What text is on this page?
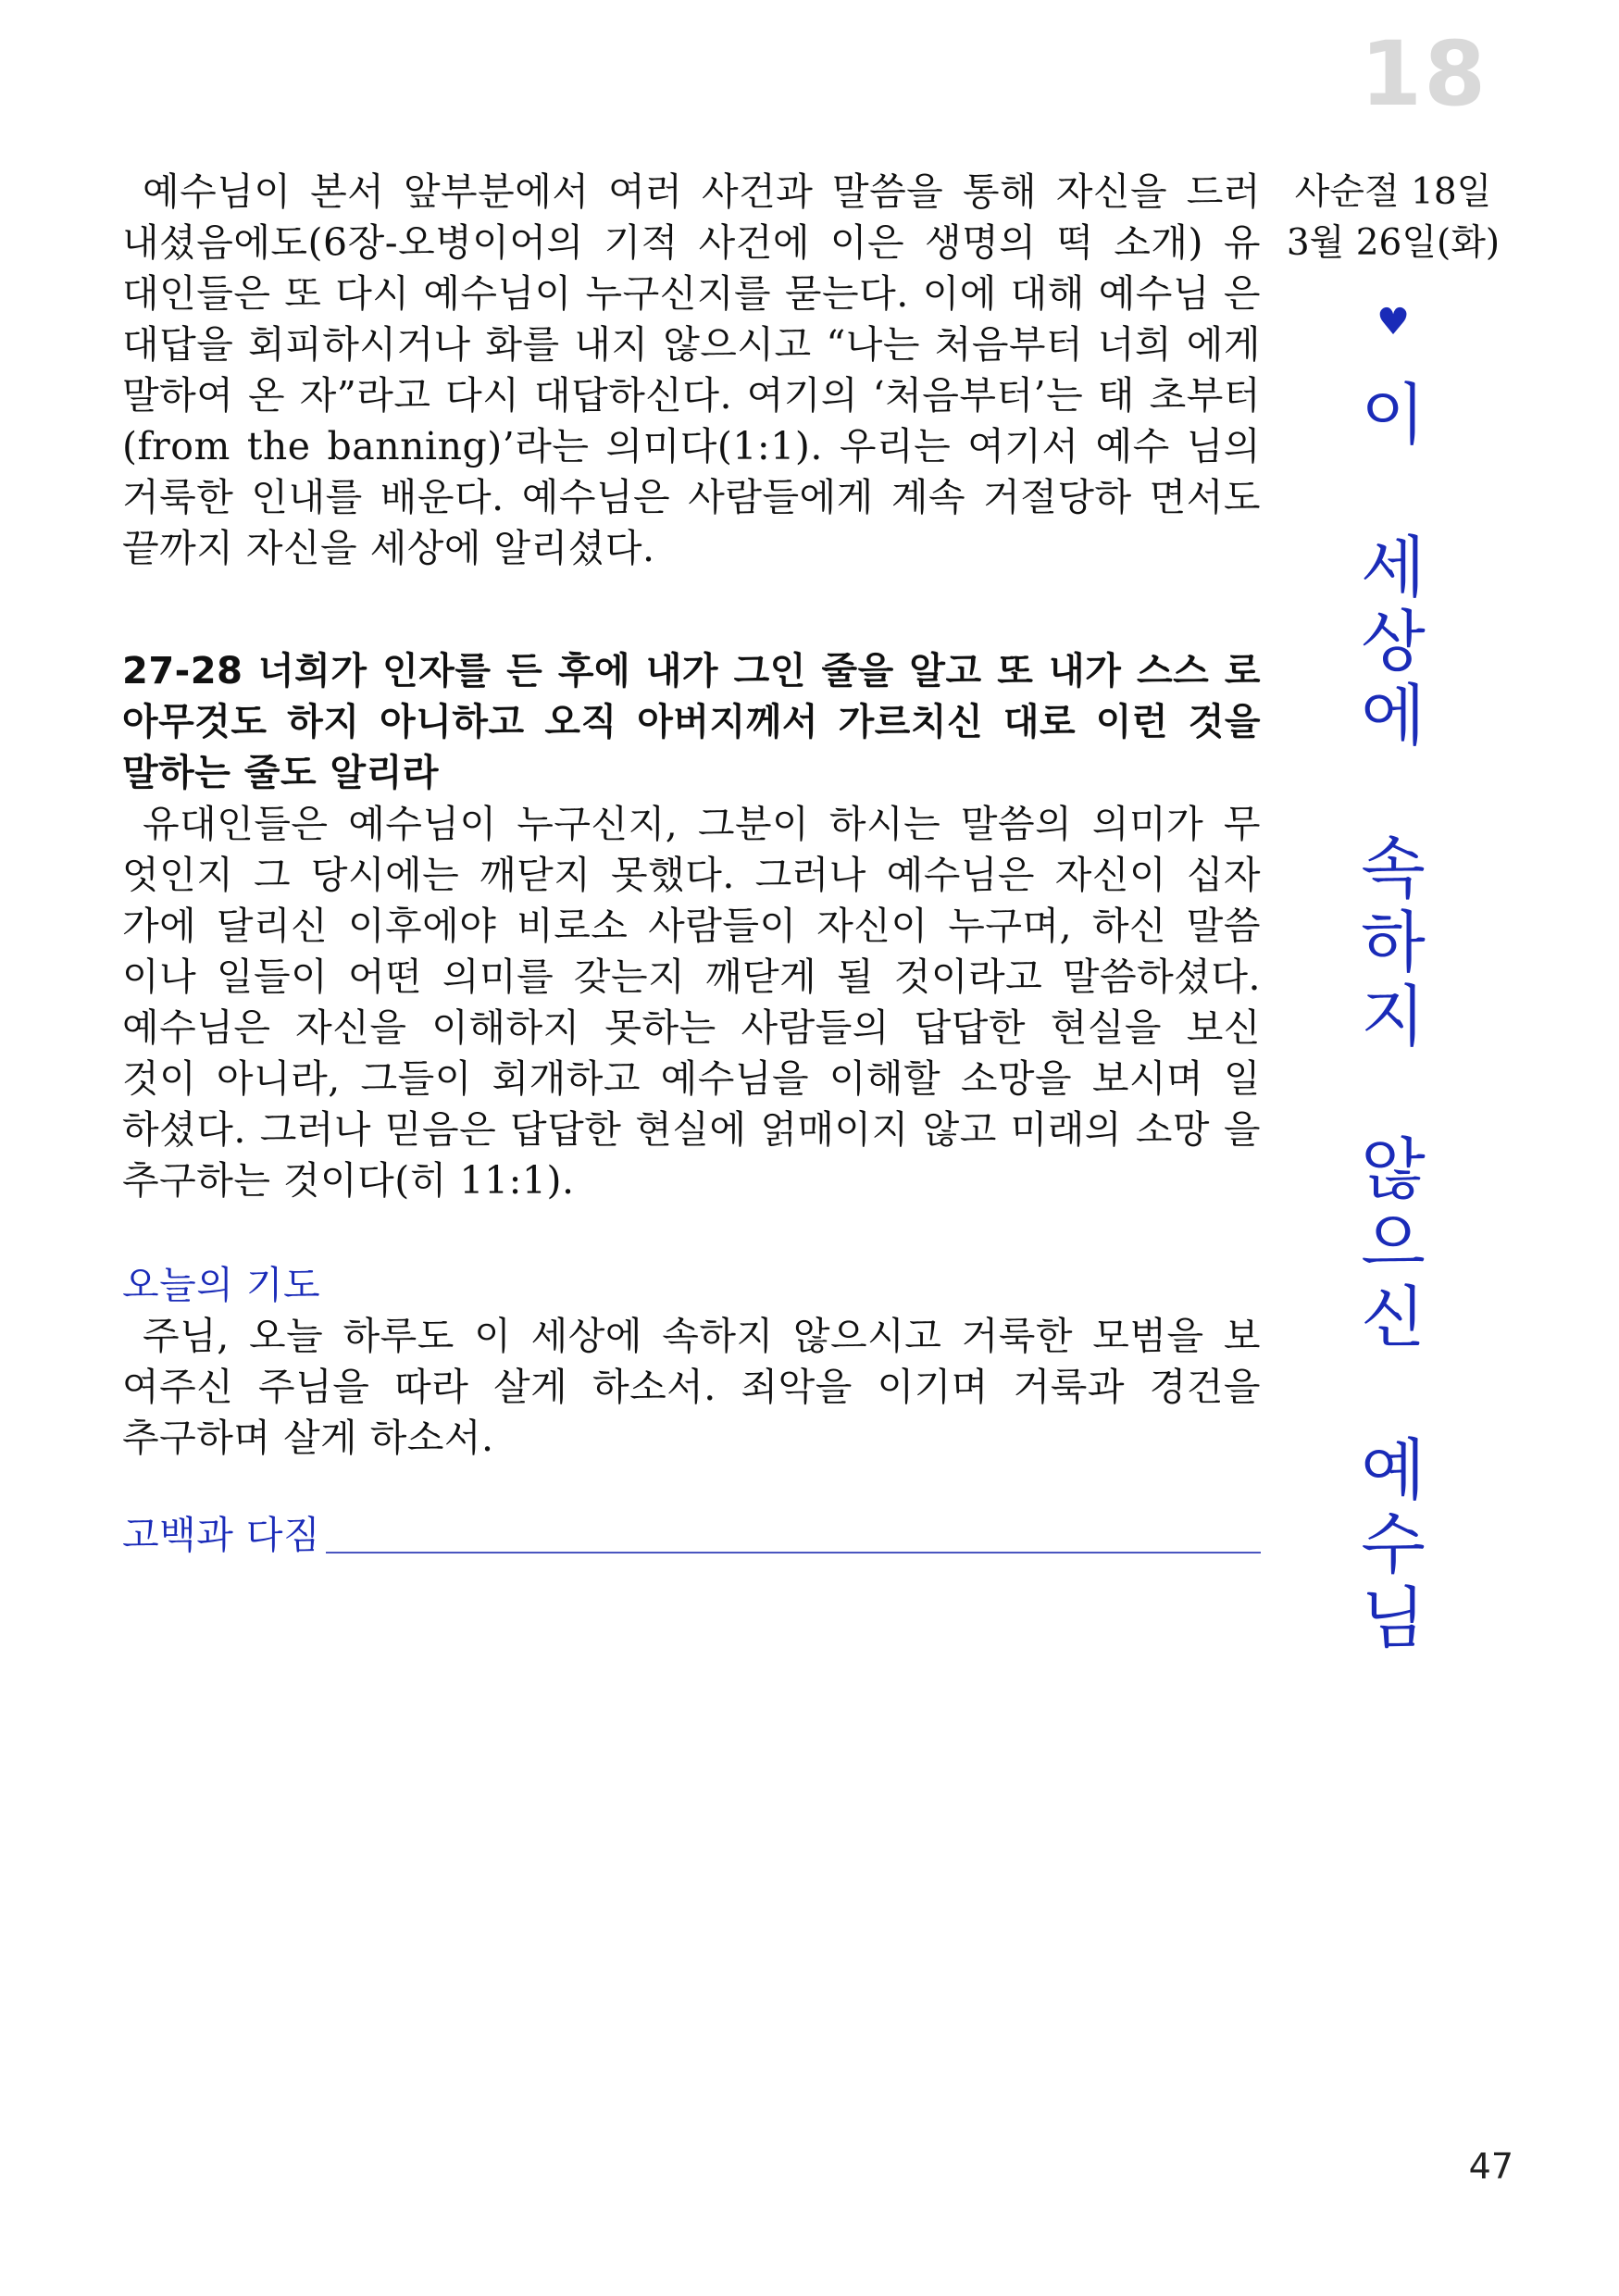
18

예수님이 본서 앞부분에서 여러 사건과 말씀을 통해 자신을 드러 내셨음에도(6장-오병이어의 기적 사건에 이은 생명의 떡 소개) 유 대인들은 또 다시 예수님이 누구신지를 묻는다. 이에 대해 예수님 은 대답을 회피하시거나 화를 내지 않으시고 “나는 처음부터 너희 에게 말하여 온 자”라고 다시 대답하신다. 여기의 ‘처음부터’는 태 초부터(from the banning)’라는 의미다(1:1). 우리는 여기서 예수 님의 거룩한 인내를 배운다. 예수님은 사람들에게 계속 거절당하 면서도 끝까지 자신을 세상에 알리셨다.

27-28 너희가 인자를 든 후에 내가 그인 줄을 알고 또 내가 스스 로 아무것도 하지 아니하고 오직 아버지께서 가르치신 대로 이런 것을 말하는 줄도 알리라

유대인들은 예수님이 누구신지, 그분이 하시는 말씀의 의미가 무 엇인지 그 당시에는 깨닫지 못했다. 그러나 예수님은 자신이 십자 가에 달리신 이후에야 비로소 사람들이 자신이 누구며, 하신 말씀 이나 일들이 어떤 의미를 갖는지 깨닫게 될 것이라고 말씀하셨다. 예수님은 자신을 이해하지 못하는 사람들의 답답한 현실을 보신 것이 아니라, 그들이 회개하고 예수님을 이해할 소망을 보시며 일 하셨다. 그러나 믿음은 답답한 현실에 얽매이지 않고 미래의 소망 을 추구하는 것이다(히 11:1).

오늘의 기도

주님, 오늘 하루도 이 세상에 속하지 않으시고 거룩한 모범을 보 여주신 주님을 따라 살게 하소서. 죄악을 이기며 거룩과 경건을 추구하며 살게 하소서.

고백과 다짐

사순절 18일

3월 26일(화)

♥
이
세
상
에
속
하
지
않
으
신
예
수
님
47
